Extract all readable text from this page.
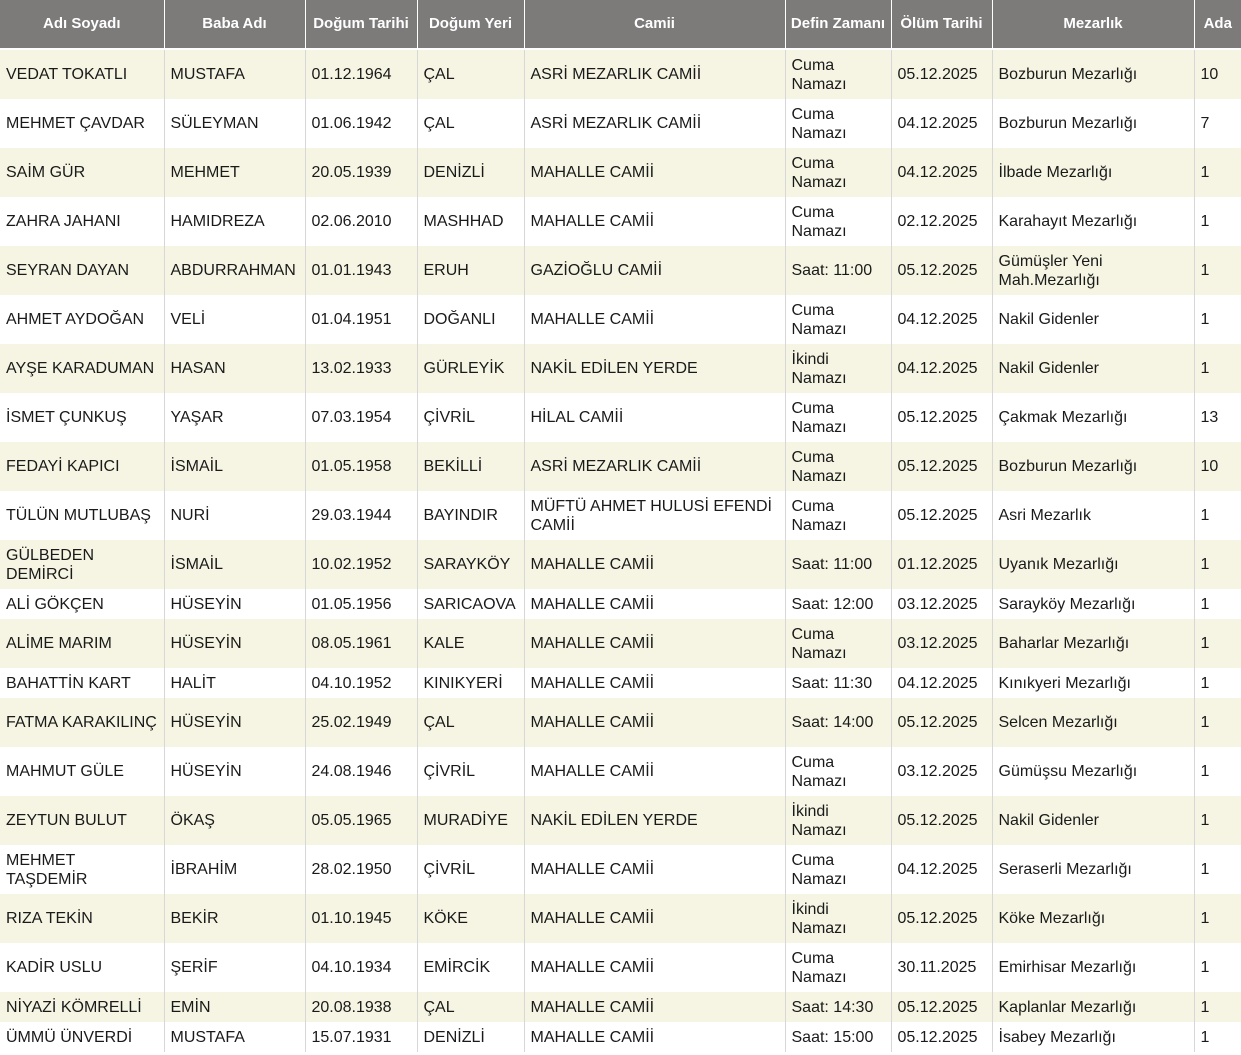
Adı Soyadı	Baba Adı	Doğum Tarihi	Doğum Yeri	Camii	Defin Zamanı	Ölüm Tarihi	Mezarlık	Ada
VEDAT TOKATLI	MUSTAFA	01.12.1964	ÇAL	ASRİ MEZARLIK CAMİİ	Cuma Namazı	05.12.2025	Bozburun Mezarlığı	10
MEHMET ÇAVDAR	SÜLEYMAN	01.06.1942	ÇAL	ASRİ MEZARLIK CAMİİ	Cuma Namazı	04.12.2025	Bozburun Mezarlığı	7
SAİM GÜR	MEHMET	20.05.1939	DENİZLİ	MAHALLE CAMİİ	Cuma Namazı	04.12.2025	İlbade Mezarlığı	1
ZAHRA JAHANI	HAMIDREZA	02.06.2010	MASHHAD	MAHALLE CAMİİ	Cuma Namazı	02.12.2025	Karahayıt Mezarlığı	1
SEYRAN DAYAN	ABDURRAHMAN	01.01.1943	ERUH	GAZİOĞLU CAMİİ	Saat: 11:00	05.12.2025	Gümüşler Yeni Mah.Mezarlığı	1
AHMET AYDOĞAN	VELİ	01.04.1951	DOĞANLI	MAHALLE CAMİİ	Cuma Namazı	04.12.2025	Nakil Gidenler	1
AYŞE KARADUMAN	HASAN	13.02.1933	GÜRLEYİK	NAKİL EDİLEN YERDE	İkindi Namazı	04.12.2025	Nakil Gidenler	1
İSMET ÇUNKUŞ	YAŞAR	07.03.1954	ÇİVRİL	HİLAL CAMİİ	Cuma Namazı	05.12.2025	Çakmak Mezarlığı	13
FEDAYİ KAPICI	İSMAİL	01.05.1958	BEKİLLİ	ASRİ MEZARLIK CAMİİ	Cuma Namazı	05.12.2025	Bozburun Mezarlığı	10
TÜLÜN MUTLUBAŞ	NURİ	29.03.1944	BAYINDIR	MÜFTÜ AHMET HULUSİ EFENDİ CAMİİ	Cuma Namazı	05.12.2025	Asri Mezarlık	1
GÜLBEDEN DEMİRCİ	İSMAİL	10.02.1952	SARAYKÖY	MAHALLE CAMİİ	Saat: 11:00	01.12.2025	Uyanık Mezarlığı	1
ALİ GÖKÇEN	HÜSEYİN	01.05.1956	SARICAOVA	MAHALLE CAMİİ	Saat: 12:00	03.12.2025	Sarayköy Mezarlığı	1
ALİME MARIM	HÜSEYİN	08.05.1961	KALE	MAHALLE CAMİİ	Cuma Namazı	03.12.2025	Baharlar Mezarlığı	1
BAHATTİN KART	HALİT	04.10.1952	KINIKYERİ	MAHALLE CAMİİ	Saat: 11:30	04.12.2025	Kınıkyeri Mezarlığı	1
FATMA KARAKILINÇ	HÜSEYİN	25.02.1949	ÇAL	MAHALLE CAMİİ	Saat: 14:00	05.12.2025	Selcen Mezarlığı	1
MAHMUT GÜLE	HÜSEYİN	24.08.1946	ÇİVRİL	MAHALLE CAMİİ	Cuma Namazı	03.12.2025	Gümüşsu Mezarlığı	1
ZEYTUN BULUT	ÖKAŞ	05.05.1965	MURADİYE	NAKİL EDİLEN YERDE	İkindi Namazı	05.12.2025	Nakil Gidenler	1
MEHMET TAŞDEMİR	İBRAHİM	28.02.1950	ÇİVRİL	MAHALLE CAMİİ	Cuma Namazı	04.12.2025	Seraserli Mezarlığı	1
RIZA TEKİN	BEKİR	01.10.1945	KÖKE	MAHALLE CAMİİ	İkindi Namazı	05.12.2025	Köke Mezarlığı	1
KADİR USLU	ŞERİF	04.10.1934	EMİRCİK	MAHALLE CAMİİ	Cuma Namazı	30.11.2025	Emirhisar Mezarlığı	1
NİYAZİ KÖMRELLİ	EMİN	20.08.1938	ÇAL	MAHALLE CAMİİ	Saat: 14:30	05.12.2025	Kaplanlar Mezarlığı	1
ÜMMÜ ÜNVERDİ	MUSTAFA	15.07.1931	DENİZLİ	MAHALLE CAMİİ	Saat: 15:00	05.12.2025	İsabey Mezarlığı	1
